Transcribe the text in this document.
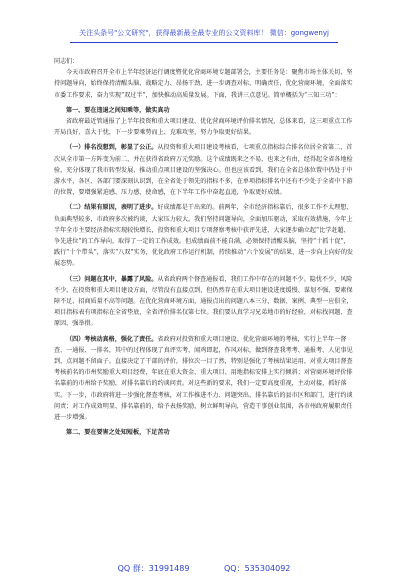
关注头条号"公文研究"，获得最新最全最专业的公文资料库！ 微信：gongwenyj

同志们：

今天市政府召开全市上半年经济运行调度暨优化营商环境专题部署会，主要任务是：聚焦市场主体关切，坚持问题导向，始终保持清醒头脑、战略定力、昂扬干劲，进一步调查对标、明确责任，优化营商环境，全面落实市委工作要求，奋力实现“双过半”，加快推动高质量发展。下面，我讲三点意见。简单概括为“三知三功”：

第一、要在违退之间知乘等，做实真功

省政府最近管通报了上半年投资和重大项目建设、优化营商环境评价排名情况，总体来看，这三项重点工作开局良好、喜大于忧，下一步要乘势而上、克难攻坚，努力争取更好结果。

（一）排名没想到，彰显了公正。从投资和重大项目建设考核看，七项重点指标综合排名位居全省第二，首次从全市第一方阵变为前二，并在获得省政府万元奖励。这个成绩既来之不易，也来之有由，经得起全省各地检验，充分体现了我市转型发展、推动重点项目建设的坚强决心。但也应该看到，我们在全省总体位置中仍处于中游水平，各区、各部门要深刻认识到，在全省处于领先的指标不多，在单项指标排名中还有不少处于全省中下游的位置，要增强紧迫感、压力感、使命感，在下半年工作中奋起直追，争取更好成绩。

（二）结果有原因，表明了进步。好成绩都是干出来的。前两年，全市经济指标靠后，很多工作不太理想，负面典型较多，市政府多次被约谈，大家压力较大。我们坚持问题导向，全面加压驱动，采取有效措施，今年上半年全市主要经济指标实现较快增长，投资和重大项目专项督察考核中获评先进，大家逐步确立起“比学赶超、争先进位”的工作导向，取得了一定的工作成效。但成绩面前不能自满，必须保持清醒头脑，坚持“十抓十促”，践行“十个带头”，落实“八双”实务，优化政府工作运行机制，持续推动“六个发展”的结果，进一步向上向好的发展态势。

（三）问题在其中，暴露了风险。从省政府两个督查通报看，我们工作中存在的问题不少。隐忧不少，风险不少，在投资和重大项目建设方面，尽管没有直接点到，但仍然存在重大项目建设进度缓慢、谋划不强、要素保障不足、招商质量不高等问题。在优化营商环境方面，通报点出的问题八本三分、数据、案例、典型一应俱全，项目指标表有项指标在全省垫底，全省评价排名仅第七位。我们要认真学习兄弟地市的好经验，对标找问题、查原因、强举措。

（四）考核动真格，强化了责任。省政府对投资和重大项目建设、优化营商环境的考核，实行上半年一督查、一通报、一排名，其中的过程体现了真评实考、闻鸡即起，作风对标，做到督查我考考、通报考、人见事见到、点问题不留面子。直接决定了干部的评价，排位次一目了然，特别是强化了考核结果运用，对重大项目督查考核前名的市州奖励重大项目经费，年底在重大资金、重大项目、用地指标安排上实行倾斜；对营商环境评价排名靠前的市州给予奖励，对排名靠后的约谈问责。对这些新的要求，我们一定要高度重视，主动对接，抓好落实。下一步，市政府将进一步强化督查考核，对工作推进不力、问题突出、排名靠后的县市区和部门，进行约谈问责；对工作成效明显、排名靠前的，给予表扬奖励，树立鲜明导向，营造干事创业氛围，各市州政府履职责任进一步增强。

第二、要在要害之处知短板，下足苦功

QQ 群：31991489	QQ：535304092
